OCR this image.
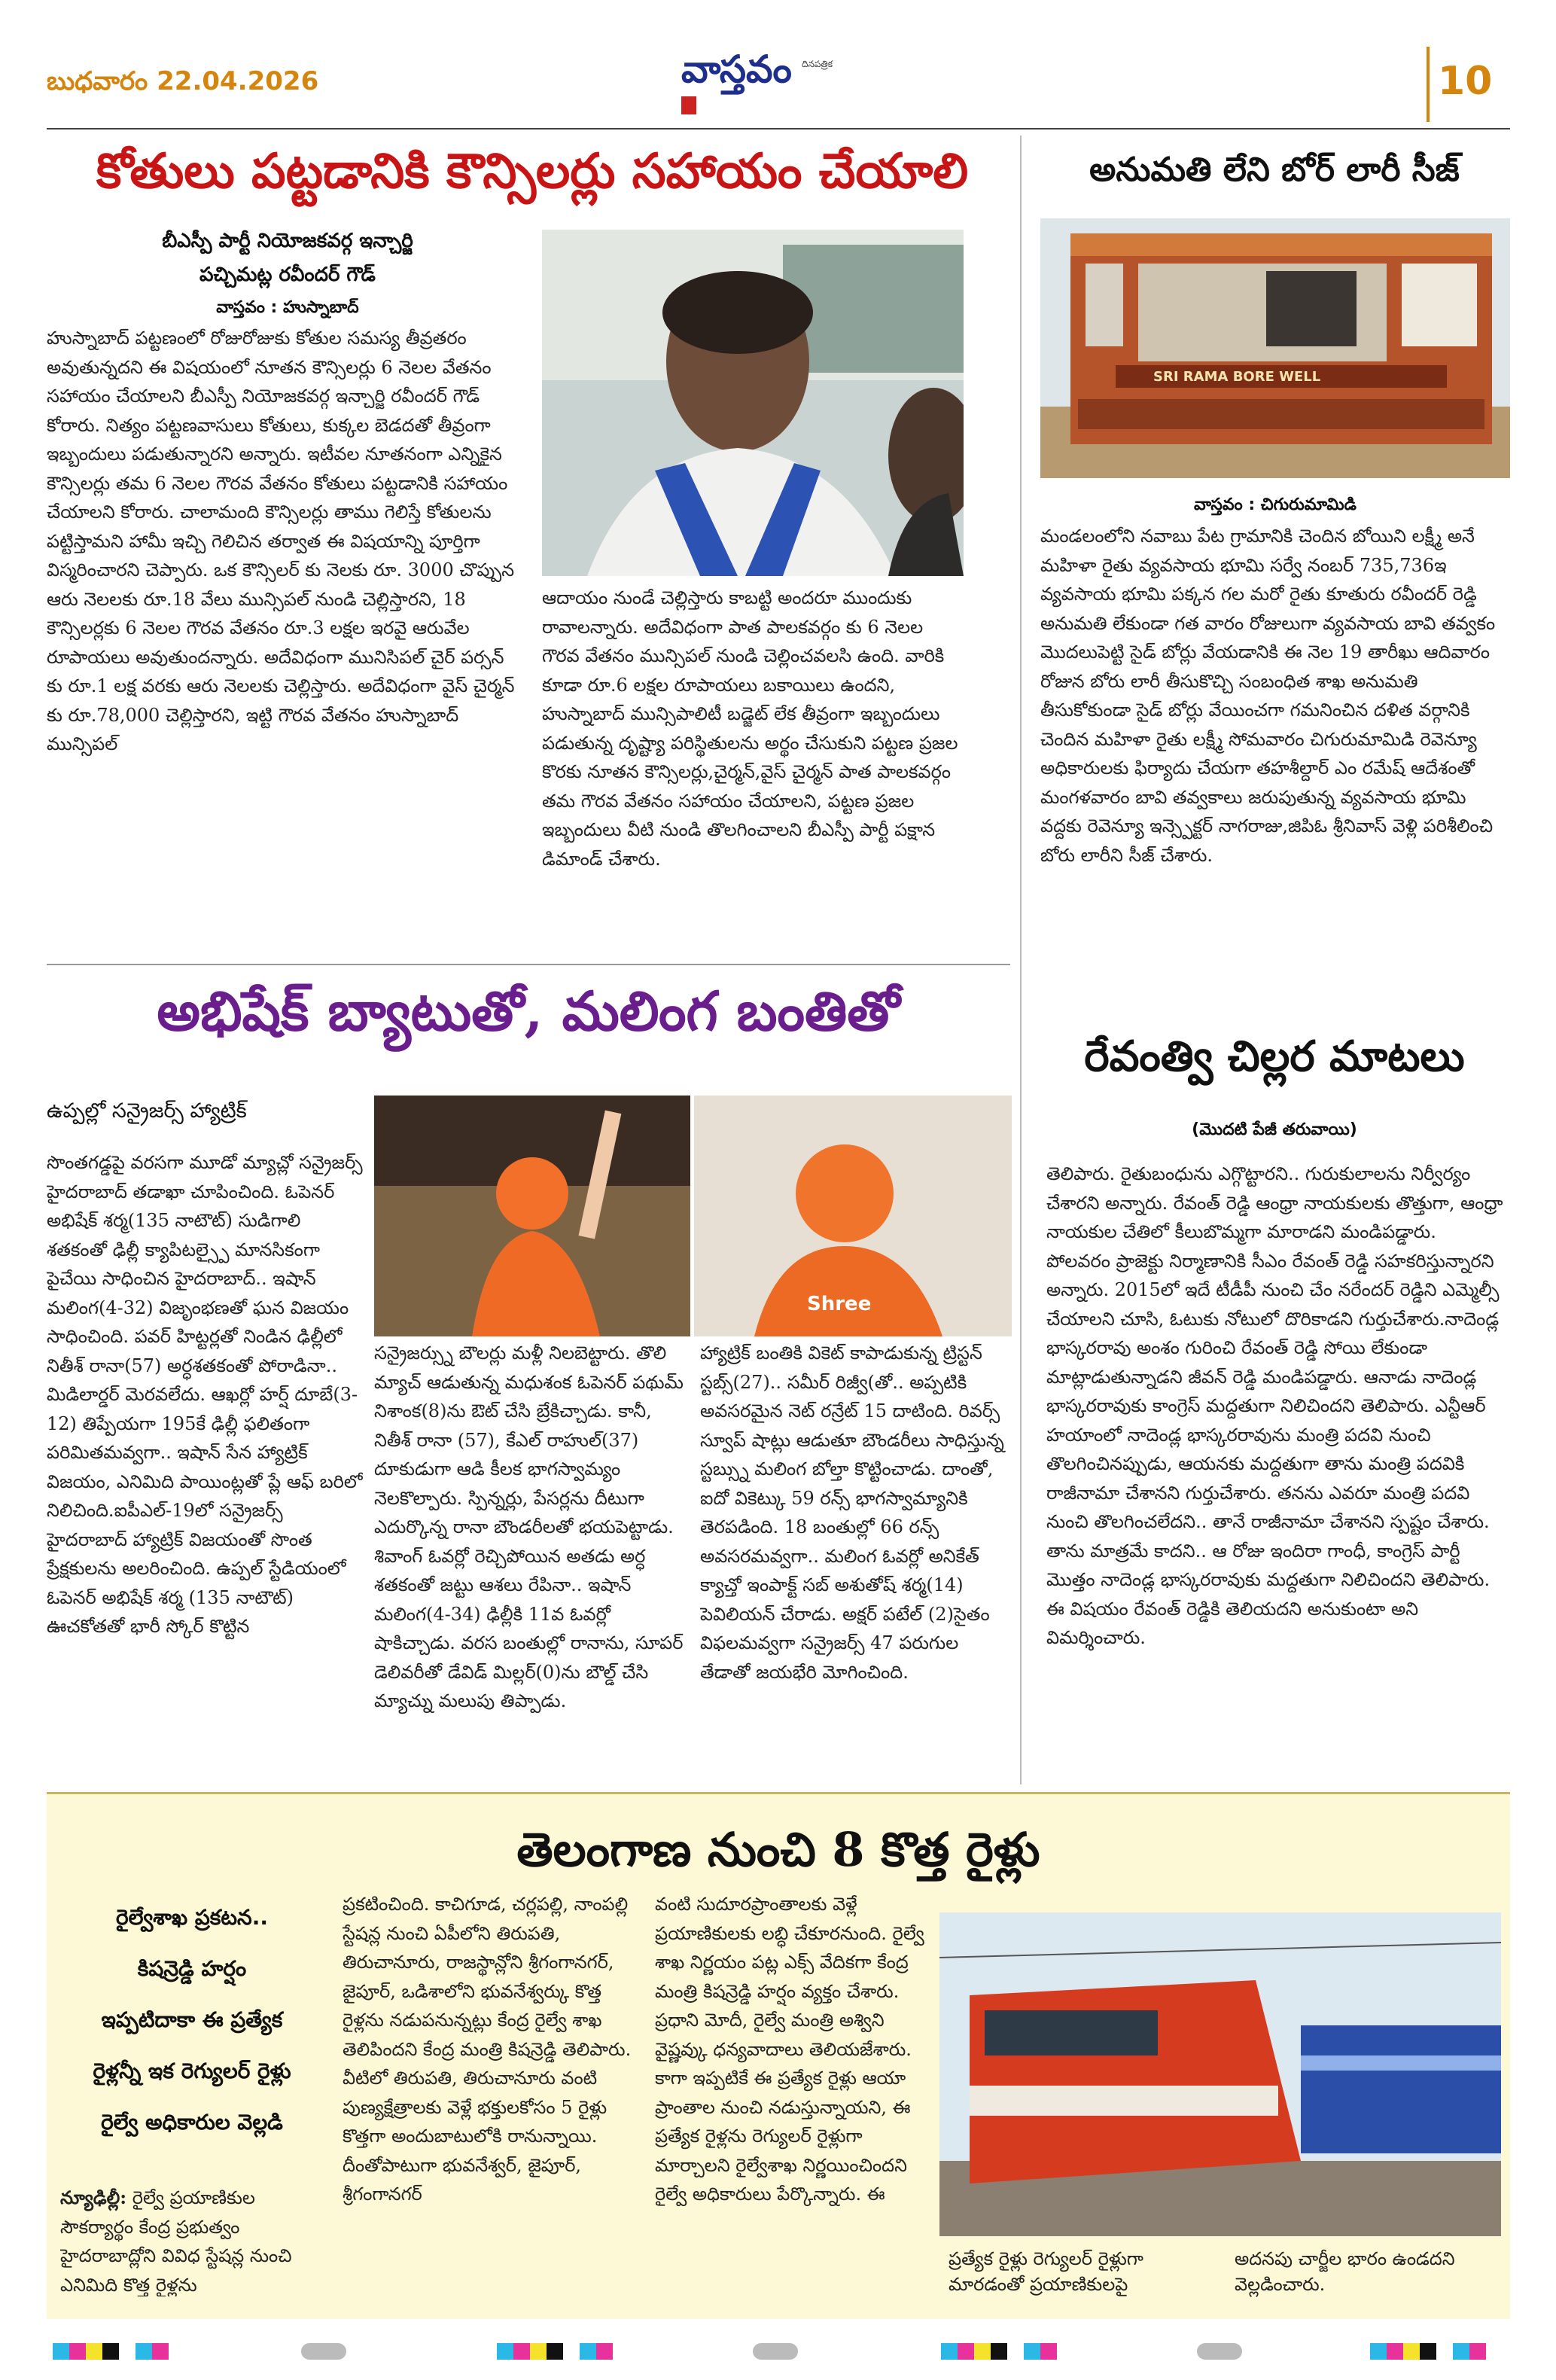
బుధవారం 22.04.2026	వాస్తవం దినపత్రిక	10
కోతులు పట్టడానికి కౌన్సిలర్లు సహాయం చేయాలి
బీఎస్పీ పార్టీ నియోజకవర్గ ఇన్చార్జి
పచ్చిమట్ల రవీందర్ గౌడ్
వాస్తవం : హుస్నాబాద్
హుస్నాబాద్ పట్టణంలో రోజురోజుకు కోతుల సమస్య తీవ్రతరం అవుతున్నదని ఈ విషయంలో నూతన కౌన్సిలర్లు 6 నెలల వేతనం సహాయం చేయాలని బీఎస్పీ నియోజకవర్గ ఇన్చార్జి రవీందర్ గౌడ్ కోరారు. నిత్యం పట్టణవాసులు కోతులు, కుక్కల బెడదతో తీవ్రంగా ఇబ్బందులు పడుతున్నారని అన్నారు. ఇటీవల నూతనంగా ఎన్నికైన కౌన్సిలర్లు తమ 6 నెలల గౌరవ వేతనం కోతులు పట్టడానికి సహాయం చేయాలని కోరారు. చాలామంది కౌన్సిలర్లు తాము గెలిస్తే కోతులను పట్టిస్తామని హామీ ఇచ్చి గెలిచిన తర్వాత ఈ విషయాన్ని పూర్తిగా విస్మరించారని చెప్పారు. ఒక కౌన్సిలర్ కు నెలకు రూ. 3000 చొప్పున ఆరు నెలలకు రూ.18 వేలు మున్సిపల్ నుండి చెల్లిస్తారని, 18 కౌన్సిలర్లకు 6 నెలల గౌరవ వేతనం రూ.3 లక్షల ఇరవై ఆరువేల రూపాయలు అవుతుందన్నారు. అదేవిధంగా మునిసిపల్ చైర్ పర్సన్ కు రూ.1 లక్ష వరకు ఆరు నెలలకు చెల్లిస్తారు. అదేవిధంగా వైస్ చైర్మన్ కు రూ.78,000 చెల్లిస్తారని, ఇట్టి గౌరవ వేతనం హుస్నాబాద్ మున్సిపల్
ఆదాయం నుండే చెల్లిస్తారు కాబట్టి అందరూ ముందుకు రావాలన్నారు. అదేవిధంగా పాత పాలకవర్గం కు 6 నెలల గౌరవ వేతనం మున్సిపల్ నుండి చెల్లించవలసి ఉంది. వారికి కూడా రూ.6 లక్షల రూపాయలు బకాయిలు ఉందని, హుస్నాబాద్ మున్సిపాలిటీ బడ్జెట్ లేక తీవ్రంగా ఇబ్బందులు పడుతున్న దృష్ట్యా పరిస్థితులను అర్థం చేసుకుని పట్టణ ప్రజల కొరకు నూతన కౌన్సిలర్లు,చైర్మన్,వైస్ చైర్మన్ పాత పాలకవర్గం తమ గౌరవ వేతనం సహాయం చేయాలని, పట్టణ ప్రజల ఇబ్బందులు వీటి నుండి తొలగించాలని బీఎస్పీ పార్టీ పక్షాన డిమాండ్ చేశారు.
అనుమతి లేని బోర్ లారీ సీజ్
SRI RAMA BORE WELL
వాస్తవం : చిగురుమామిడి
మండలంలోని నవాబు పేట గ్రామానికి చెందిన బోయిని లక్ష్మీ అనే మహిళా రైతు వ్యవసాయ భూమి సర్వే నంబర్ 735,736ఇ వ్యవసాయ భూమి పక్కన గల మరో రైతు కూతురు రవీందర్ రెడ్డి అనుమతి లేకుండా గత వారం రోజులుగా వ్యవసాయ బావి తవ్వకం మొదలుపెట్టి సైడ్ బోర్లు వేయడానికి ఈ నెల 19 తారీఖు ఆదివారం రోజున బోరు లారీ తీసుకొచ్చి సంబంధిత శాఖ అనుమతి తీసుకోకుండా సైడ్ బోర్లు వేయించగా గమనించిన దళిత వర్గానికి చెందిన మహిళా రైతు లక్ష్మీ సోమవారం చిగురుమామిడి రెవెన్యూ అధికారులకు ఫిర్యాదు చేయగా తహశీల్దార్ ఎం రమేష్ ఆదేశంతో మంగళవారం బావి తవ్వకాలు జరుపుతున్న వ్యవసాయ భూమి వద్దకు రెవెన్యూ ఇన్స్పెక్టర్ నాగరాజు,జిపిఓ శ్రీనివాస్ వెళ్లి పరిశీలించి బోరు లారీని సీజ్ చేశారు.
అభిషేక్ బ్యాటుతో, మలింగ బంతితో
ఉప్పల్లో సన్రైజర్స్ హ్యాట్రిక్
సొంతగడ్డపై వరసగా మూడో మ్యాచ్లో సన్రైజర్స్ హైదరాబాద్ తడాఖా చూపించింది. ఓపెనర్ అభిషేక్ శర్మ(135 నాటౌట్) సుడిగాలి శతకంతో ఢిల్లీ క్యాపిటల్స్పై మానసికంగా పైచేయి సాధించిన హైదరాబాద్.. ఇషాన్ మలింగ(4-32) విజృంభణతో ఘన విజయం సాధించింది. పవర్ హిట్టర్లతో నిండిన ఢిల్లీలో నితీశ్ రానా(57) అర్ధశతకంతో పోరాడినా.. మిడిలార్డర్ మెరవలేదు. ఆఖర్లో హర్ష్ దూబే(3-12) తిప్పేయగా 195కే ఢిల్లీ ఫలితంగా పరిమితమవ్వగా.. ఇషాన్ సేన హ్యాట్రిక్ విజయం, ఎనిమిది పాయింట్లతో ప్లే ఆఫ్ బరిలో నిలిచింది.ఐపీఎల్-19లో సన్రైజర్స్ హైదరాబాద్ హ్యాట్రిక్ విజయంతో సొంత ప్రేక్షకులను అలరించింది. ఉప్పల్ స్టేడియంలో ఓపెనర్ అభిషేక్ శర్మ (135 నాటౌట్) ఊచకోతతో భారీ స్కోర్ కొట్టిన
Shree
సన్రైజర్స్ను బౌలర్లు మళ్లీ నిలబెట్టారు. తొలి మ్యాచ్ ఆడుతున్న మధుశంక ఓపెనర్ పథుమ్ నిశాంక(8)ను ఔట్ చేసి బ్రేకిచ్చాడు. కానీ, నితీశ్ రానా (57), కేఎల్ రాహుల్(37) దూకుడుగా ఆడి కీలక భాగస్వామ్యం నెలకొల్పారు. స్పిన్నర్లు, పేసర్లను దీటుగా ఎదుర్కొన్న రానా బౌండరీలతో భయపెట్టాడు. శివాంగ్ ఓవర్లో రెచ్చిపోయిన అతడు అర్ధ శతకంతో జట్టు ఆశలు రేపినా.. ఇషాన్ మలింగ(4-34) ఢిల్లీకి 11వ ఓవర్లో షాకిచ్చాడు. వరస బంతుల్లో రానాను, సూపర్ డెలివరీతో డేవిడ్ మిల్లర్(0)ను బౌల్డ్ చేసి మ్యాచ్ను మలుపు తిప్పాడు.
హ్యాట్రిక్ బంతికి వికెట్ కాపాడుకున్న ట్రిస్టన్ స్టబ్స్(27).. సమీర్ రిజ్వీ(తో.. అప్పటికి అవసరమైన నెట్ రన్రేట్ 15 దాటింది. రివర్స్ స్వూప్ షాట్లు ఆడుతూ బౌండరీలు సాధిస్తున్న స్టబ్స్ను మలింగ బోల్తా కొట్టించాడు. దాంతో, ఐదో వికెట్కు 59 రన్స్ భాగస్వామ్యానికి తెరపడింది. 18 బంతుల్లో 66 రన్స్ అవసరమవ్వగా.. మలింగ ఓవర్లో అనికేత్ క్యాచ్తో ఇంపాక్ట్ సబ్ అశుతోష్ శర్మ(14) పెవిలియన్ చేరాడు. అక్షర్ పటేల్ (2)సైతం విఫలమవ్వగా సన్రైజర్స్ 47 పరుగుల తేడాతో జయభేరి మోగించింది.
రేవంత్వి చిల్లర మాటలు
(మొదటి పేజీ తరువాయి)
తెలిపారు. రైతుబంధును ఎగ్గొట్టారని.. గురుకులాలను నిర్వీర్యం చేశారని అన్నారు. రేవంత్ రెడ్డి ఆంధ్రా నాయకులకు తొత్తుగా, ఆంధ్రా నాయకుల చేతిలో కీలుబొమ్మగా మారాడని మండిపడ్డారు. పోలవరం ప్రాజెక్టు నిర్మాణానికి సీఎం రేవంత్ రెడ్డి సహకరిస్తున్నారని అన్నారు. 2015లో ఇదే టీడీపీ నుంచి చేం నరేందర్ రెడ్డిని ఎమ్మెల్సీ చేయాలని చూసి, ఓటుకు నోటులో దొరికాడని గుర్తుచేశారు.నాదెండ్ల భాస్కరరావు అంశం గురించి రేవంత్ రెడ్డి సోయి లేకుండా మాట్లాడుతున్నాడని జీవన్ రెడ్డి మండిపడ్డారు. ఆనాడు నాదెండ్ల భాస్కరరావుకు కాంగ్రెస్ మద్దతుగా నిలిచిందని తెలిపారు. ఎన్టీఆర్ హయాంలో నాదెండ్ల భాస్కరరావును మంత్రి పదవి నుంచి తొలగించినప్పుడు, ఆయనకు మద్దతుగా తాను మంత్రి పదవికి రాజీనామా చేశానని గుర్తుచేశారు. తనను ఎవరూ మంత్రి పదవి నుంచి తొలగించలేదని.. తానే రాజీనామా చేశానని స్పష్టం చేశారు. తాను మాత్రమే కాదని.. ఆ రోజు ఇందిరా గాంధీ, కాంగ్రెస్ పార్టీ మొత్తం నాదెండ్ల భాస్కరరావుకు మద్దతుగా నిలిచిందని తెలిపారు. ఈ విషయం రేవంత్ రెడ్డికి తెలియదని అనుకుంటా అని విమర్శించారు.
తెలంగాణ నుంచి 8 కొత్త రైళ్లు
రైల్వేశాఖ ప్రకటన..
కిషన్రెడ్డి హర్షం
ఇప్పటిదాకా ఈ ప్రత్యేక
రైళ్లన్నీ ఇక రెగ్యులర్ రైళ్లు
రైల్వే అధికారుల వెల్లడి
న్యూఢిల్లీ: రైల్వే ప్రయాణికుల సౌకర్యార్థం కేంద్ర ప్రభుత్వం హైదరాబాద్లోని వివిధ స్టేషన్ల నుంచి ఎనిమిది కొత్త రైళ్లను
ప్రకటించింది. కాచిగూడ, చర్లపల్లి, నాంపల్లి స్టేషన్ల నుంచి ఏపీలోని తిరుపతి, తిరుచానూరు, రాజస్థాన్లోని శ్రీగంగానగర్, జైపూర్, ఒడిశాలోని భువనేశ్వర్కు కొత్త రైళ్లను నడుపనున్నట్లు కేంద్ర రైల్వే శాఖ తెలిపిందని కేంద్ర మంత్రి కిషన్రెడ్డి తెలిపారు. వీటిలో తిరుపతి, తిరుచానూరు వంటి పుణ్యక్షేత్రాలకు వెళ్లే భక్తులకోసం 5 రైళ్లు కొత్తగా అందుబాటులోకి రానున్నాయి. దీంతోపాటుగా భువనేశ్వర్, జైపూర్, శ్రీగంగానగర్
వంటి సుదూరప్రాంతాలకు వెళ్లే ప్రయాణికులకు లబ్ధి చేకూరనుంది. రైల్వే శాఖ నిర్ణయం పట్ల ఎక్స్ వేదికగా కేంద్ర మంత్రి కిషన్రెడ్డి హర్షం వ్యక్తం చేశారు. ప్రధాని మోదీ, రైల్వే మంత్రి అశ్విని వైష్ణవ్కు ధన్యవాదాలు తెలియజేశారు. కాగా ఇప్పటికే ఈ ప్రత్యేక రైళ్లు ఆయా ప్రాంతాల నుంచి నడుస్తున్నాయని, ఈ ప్రత్యేక రైళ్లను రెగ్యులర్ రైళ్లుగా మార్చాలని రైల్వేశాఖ నిర్ణయించిందని రైల్వే అధికారులు పేర్కొన్నారు. ఈ
ప్రత్యేక రైళ్లు రెగ్యులర్ రైళ్లుగా మారడంతో ప్రయాణికులపై
అదనపు చార్జీల భారం ఉండదని వెల్లడించారు.
